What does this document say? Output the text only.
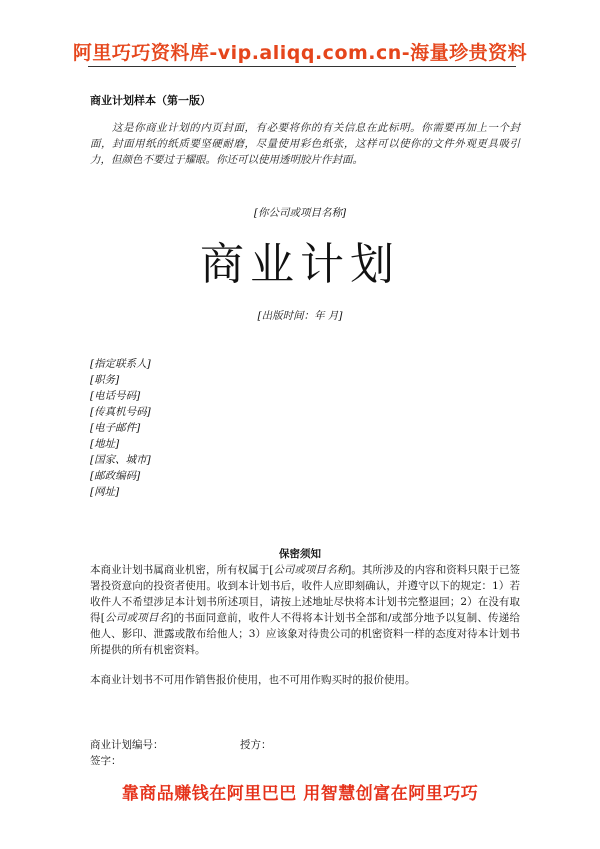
阿里巧巧资料库-vip.aliqq.com.cn-海量珍贵资料
商业计划样本（第一版）
这是你商业计划的内页封面，有必要将你的有关信息在此标明。你需要再加上一个封面，封面用纸的纸质要坚硬耐磨，尽量使用彩色纸张，这样可以使你的文件外观更具吸引力，但颜色不要过于耀眼。你还可以使用透明胶片作封面。
[你公司或项目名称]
商业计划
[出版时间：年 月]
[指定联系人]
[职务]
[电话号码]
[传真机号码]
[电子邮件]
[地址]
[国家、城市]
[邮政编码]
[网址]
保密须知
本商业计划书属商业机密，所有权属于[公司或项目名称]。其所涉及的内容和资料只限于已签署投资意向的投资者使用。收到本计划书后，收件人应即刻确认，并遵守以下的规定：1）若收件人不希望涉足本计划书所述项目，请按上述地址尽快将本计划书完整退回；2）在没有取得[公司或项目名]的书面同意前，收件人不得将本计划书全部和/或部分地予以复制、传递给他人、影印、泄露或散布给他人；3）应该象对待贵公司的机密资料一样的态度对待本计划书所提供的所有机密资料。
本商业计划书不可用作销售报价使用，也不可用作购买时的报价使用。
商业计划编号：	授方：
签字：
靠商品赚钱在阿里巴巴 用智慧创富在阿里巧巧
